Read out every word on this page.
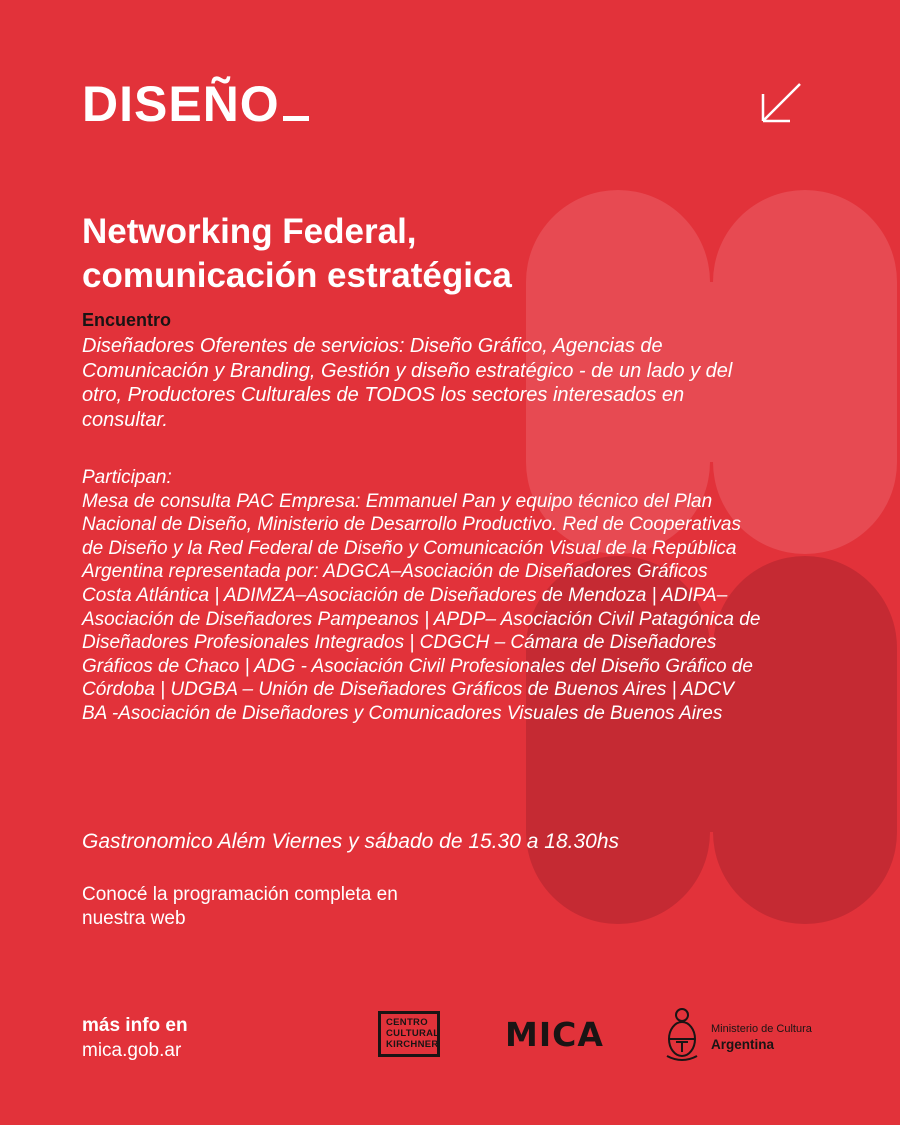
DISEÑO
Networking Federal,
comunicación estratégica
Encuentro

Diseñadores Oferentes de servicios: Diseño Gráfico, Agencias de Comunicación y Branding, Gestión y diseño estratégico - de un lado y del otro, Productores Culturales de TODOS los sectores interesados en consultar.

Participan:
Mesa de consulta PAC Empresa: Emmanuel Pan y equipo técnico del Plan Nacional de Diseño, Ministerio de Desarrollo Productivo. Red de Cooperativas de Diseño y la Red Federal de Diseño y Comunicación Visual de la República Argentina representada por: ADGCA–Asociación de Diseñadores Gráficos Costa Atlántica | ADIMZA–Asociación de Diseñadores de Mendoza | ADIPA–Asociación de Diseñadores Pampeanos | APDP– Asociación Civil Patagónica de Diseñadores Profesionales Integrados | CDGCH – Cámara de Diseñadores Gráficos de Chaco | ADG - Asociación Civil Profesionales del Diseño Gráfico de Córdoba | UDGBA – Unión de Diseñadores Gráficos de Buenos Aires | ADCV BA -Asociación de Diseñadores y Comunicadores Visuales de Buenos Aires

Gastronomico Além Viernes y sábado de 15.30 a 18.30hs

Conocé la programación completa en nuestra web

más info en
mica.gob.ar
CENTRO
CULTURAL
KIRCHNER MICA	Ministerio de Cultura
Argentina
